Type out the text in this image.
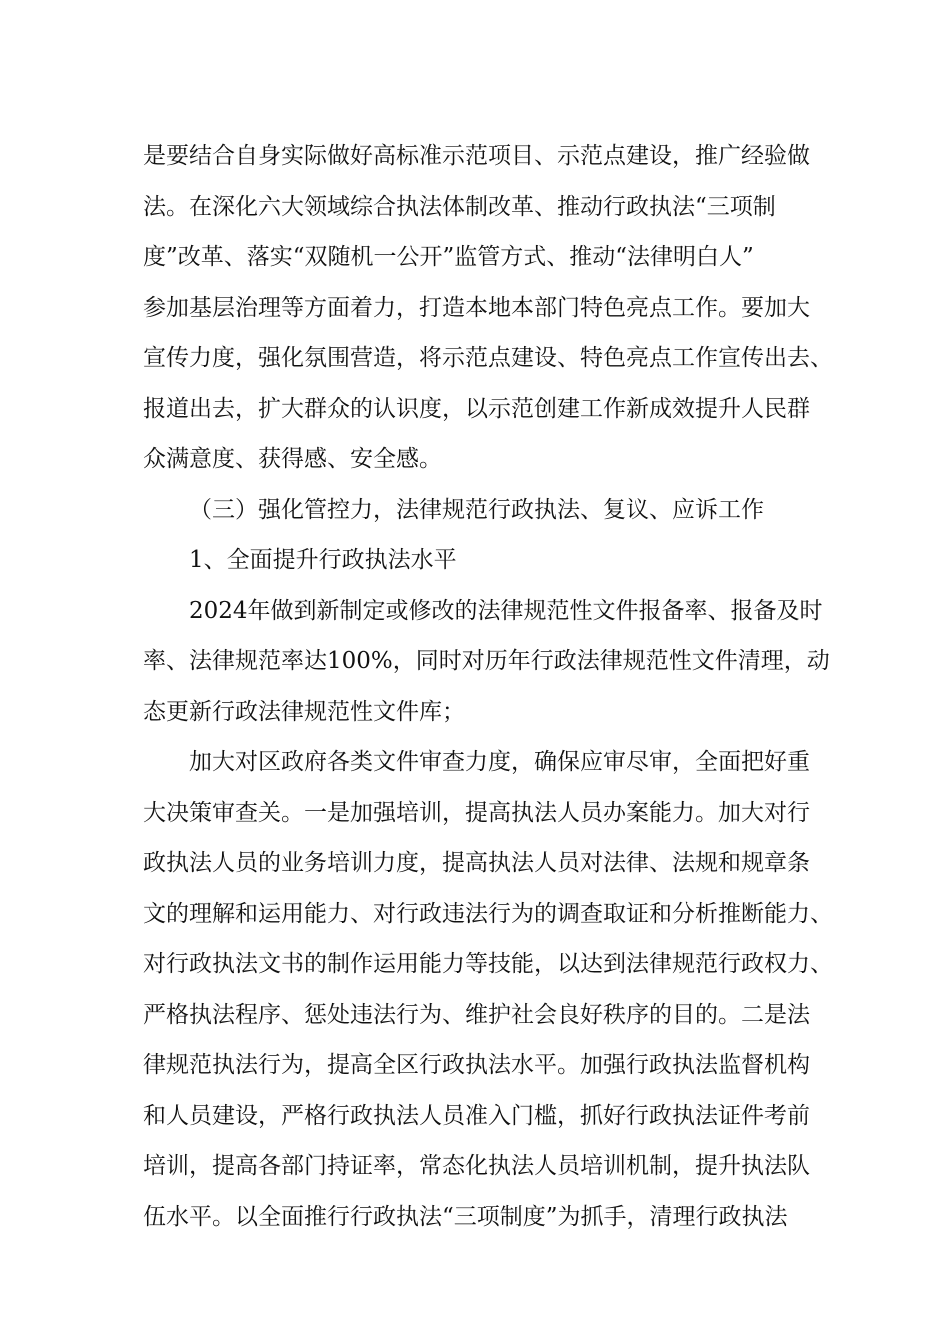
是要结合自身实际做好高标准示范项目、示范点建设，推广经验做
法。在深化六大领域综合执法体制改革、推动行政执法“三项制
度”改革、落实“双随机一公开”监管方式、推动“法律明白人”
参加基层治理等方面着力，打造本地本部门特色亮点工作。要加大
宣传力度，强化氛围营造，将示范点建设、特色亮点工作宣传出去、
报道出去，扩大群众的认识度，以示范创建工作新成效提升人民群
众满意度、获得感、安全感。
（三）强化管控力，法律规范行政执法、复议、应诉工作
1、全面提升行政执法水平
2024年做到新制定或修改的法律规范性文件报备率、报备及时
率、法律规范率达100%，同时对历年行政法律规范性文件清理，动
态更新行政法律规范性文件库；
加大对区政府各类文件审查力度，确保应审尽审，全面把好重
大决策审查关。一是加强培训，提高执法人员办案能力。加大对行
政执法人员的业务培训力度，提高执法人员对法律、法规和规章条
文的理解和运用能力、对行政违法行为的调查取证和分析推断能力、
对行政执法文书的制作运用能力等技能，以达到法律规范行政权力、
严格执法程序、惩处违法行为、维护社会良好秩序的目的。二是法
律规范执法行为，提高全区行政执法水平。加强行政执法监督机构
和人员建设，严格行政执法人员准入门槛，抓好行政执法证件考前
培训，提高各部门持证率，常态化执法人员培训机制，提升执法队
伍水平。以全面推行行政执法“三项制度”为抓手，清理行政执法
